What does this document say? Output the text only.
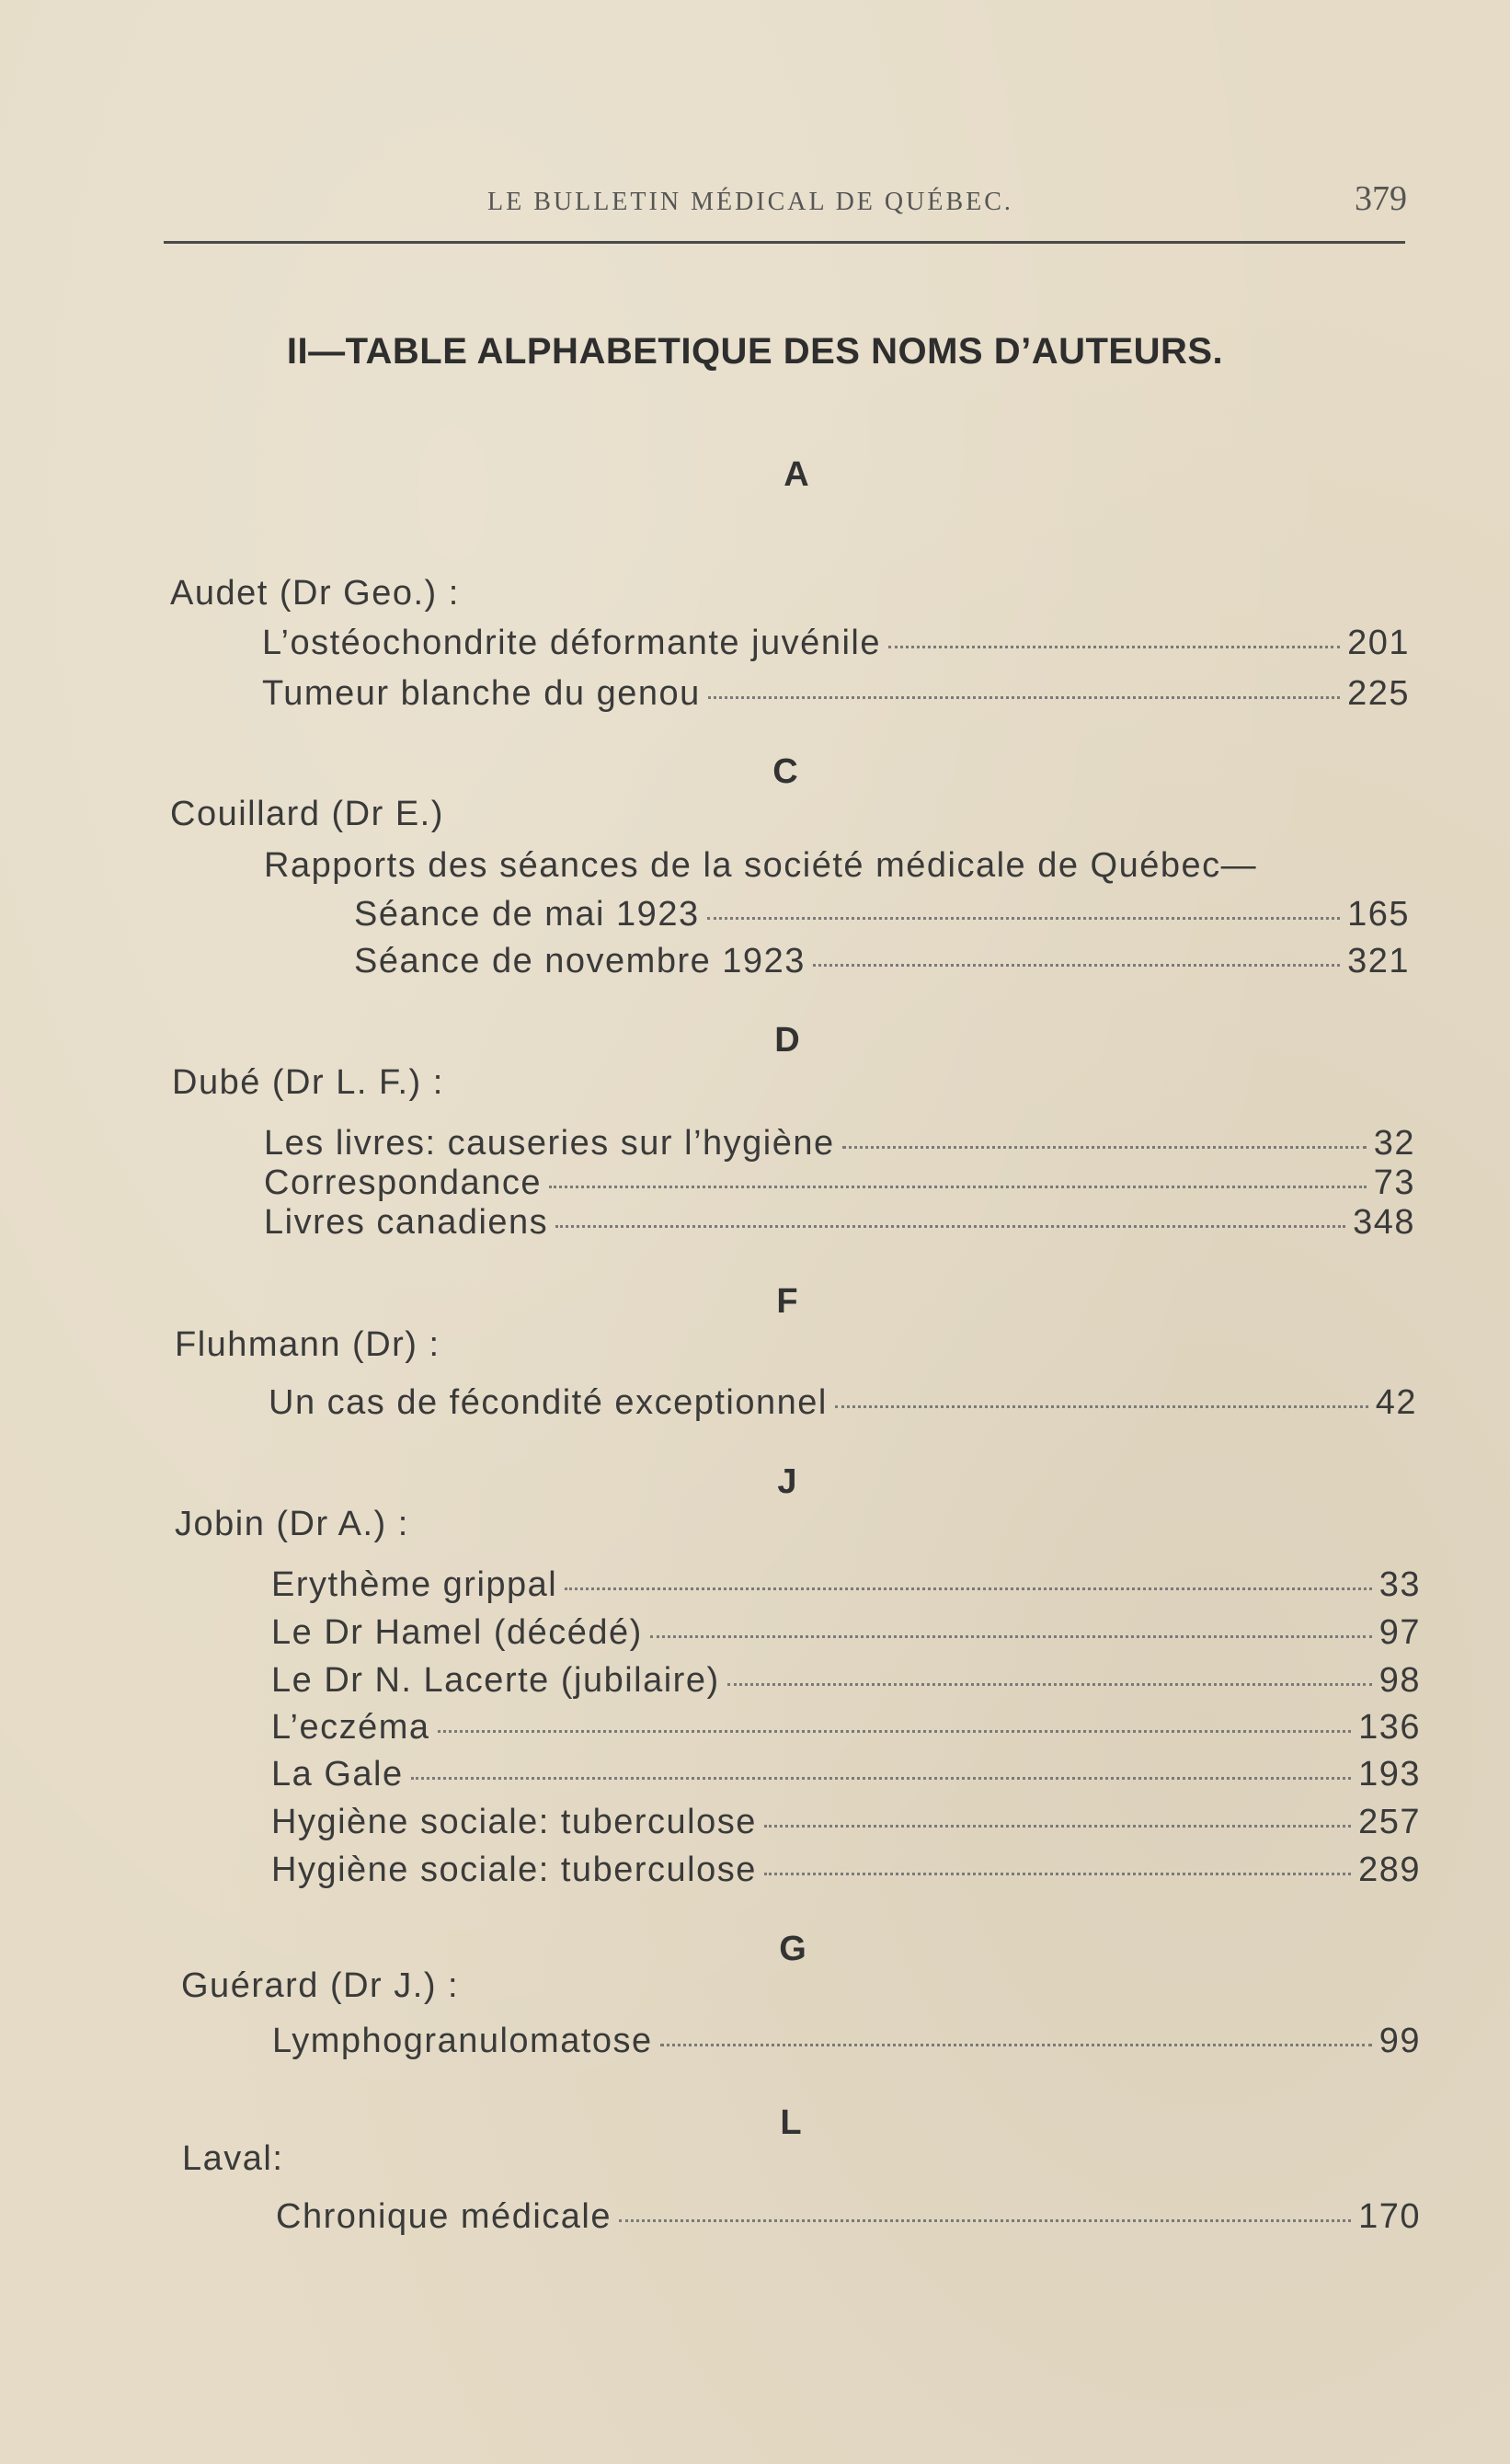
LE BULLETIN MÉDICAL DE QUÉBEC.	379
II—TABLE ALPHABETIQUE DES NOMS D’AUTEURS.
A
Audet (Dr Geo.) :
L’ostéochondrite déformante juvénile	201
Tumeur blanche du genou	225
C
Couillard (Dr E.)
Rapports des séances de la société médicale de Québec—
Séance de mai 1923	165
Séance de novembre 1923	321
D
Dubé (Dr L. F.) :
Les livres: causeries sur l’hygiène	32
Correspondance	73
Livres canadiens	348
F
Fluhmann (Dr) :
Un cas de fécondité exceptionnel	42
J
Jobin (Dr A.) :
Erythème grippal	33
Le Dr Hamel (décédé)	97
Le Dr N. Lacerte (jubilaire)	98
L’eczéma	136
La Gale	193
Hygiène sociale: tuberculose	257
Hygiène sociale: tuberculose	289
G
Guérard (Dr J.) :
Lymphogranulomatose	99
L
Laval:
Chronique médicale	170
